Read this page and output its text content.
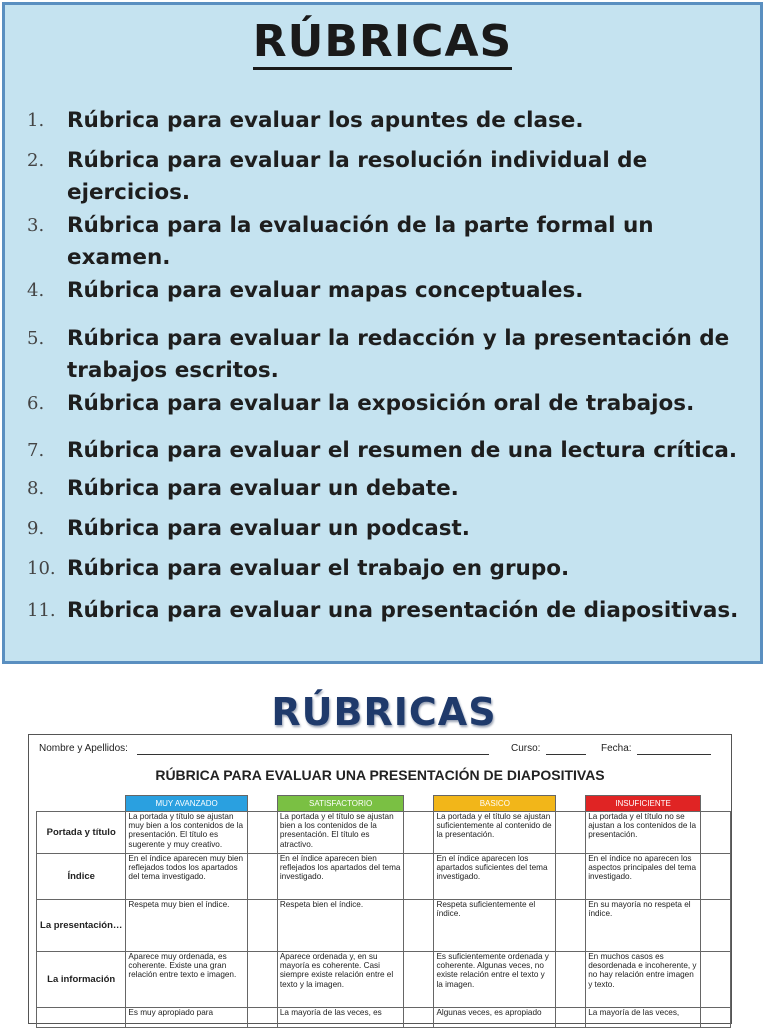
RÚBRICAS
1.	Rúbrica para evaluar los apuntes de clase.
2.	Rúbrica para evaluar la resolución individual de ejercicios.
3.	Rúbrica para la evaluación de la parte formal un examen.
4.	Rúbrica para evaluar mapas conceptuales.
5.	Rúbrica para evaluar la redacción y la presentación de trabajos escritos.
6.	Rúbrica para evaluar la exposición oral de trabajos.
7.	Rúbrica para evaluar el resumen de una lectura crítica.
8.	Rúbrica para evaluar un debate.
9.	Rúbrica para evaluar un podcast.
10. Rúbrica para evaluar el trabajo en grupo.
11. Rúbrica para evaluar una presentación de diapositivas.
RÚBRICAS
Nombre y Apellidos:	Curso:	Fecha:
RÚBRICA PARA EVALUAR UNA PRESENTACIÓN DE DIAPOSITIVAS
	MUY AVANZADO		SATISFACTORIO		BASICO		INSUFICIENTE	
Portada y título	La portada y título se ajustan muy bien a los contenidos de la presentación. El título es sugerente y muy creativo.		La portada y el título se ajustan bien a los contenidos de la presentación. El título es atractivo.		La portada y el título se ajustan suficientemente al contenido de la presentación.		La portada y el título no se ajustan a los contenidos de la presentación.	
Índice	En el índice aparecen muy bien reflejados todos los apartados del tema investigado.		En el índice aparecen bien reflejados los apartados del tema investigado.		En el índice aparecen los apartados suficientes del tema investigado.		En el índice no aparecen los aspectos principales del tema investigado.	
La presentación…	Respeta muy bien el índice.		Respeta bien el índice.		Respeta suficientemente el índice.		En su mayoría no respeta el índice.	
La información	Aparece muy ordenada, es coherente. Existe una gran relación entre texto e imagen.		Aparece ordenada y, en su mayoría es coherente. Casi siempre existe relación entre el texto y la imagen.		Es suficientemente ordenada y coherente. Algunas veces, no existe relación entre el texto y la imagen.		En muchos casos es desordenada e incoherente, y no hay relación entre imagen y texto.	
	Es muy apropiado para		La mayoría de las veces, es		Algunas veces, es apropiado		La mayoría de las veces,	
